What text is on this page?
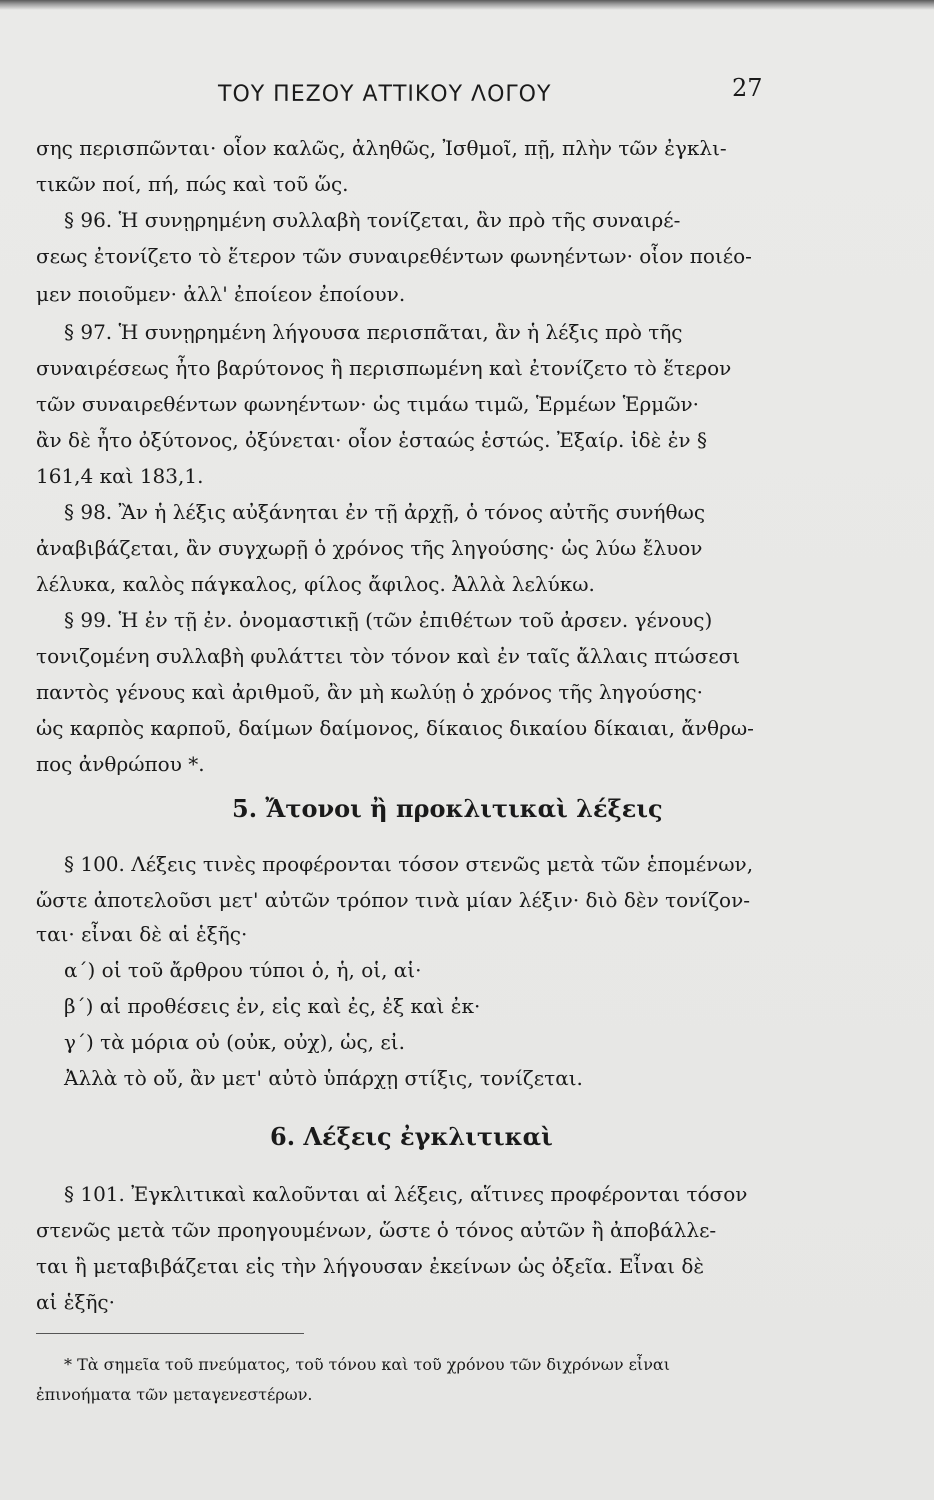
ΤΟΥ ΠΕΖΟΥ ΑΤΤΙΚΟΥ ΛΟΓΟΥ	27
σης περισπῶνται· οἷον καλῶς, ἀληθῶς, Ἰσθμοῖ, πῇ, πλὴν τῶν ἐγκλι-
τικῶν ποί, πή, πώς καὶ τοῦ ὥς.
§ 96. Ἡ συνῃρημένη συλλαβὴ τονίζεται, ἂν πρὸ τῆς συναιρέ-
σεως ἐτονίζετο τὸ ἕτερον τῶν συναιρεθέντων φωνηέντων· οἷον ποιέο-
μεν ποιοῦμεν· ἀλλ' ἐποίεον ἐποίουν.
§ 97. Ἡ συνῃρημένη λήγουσα περισπᾶται, ἂν ἡ λέξις πρὸ τῆς
συναιρέσεως ἦτο βαρύτονος ἢ περισπωμένη καὶ ἐτονίζετο τὸ ἕτερον
τῶν συναιρεθέντων φωνηέντων· ὡς τιμάω τιμῶ, Ἑρμέων Ἑρμῶν·
ἂν δὲ ἦτο ὀξύτονος, ὀξύνεται· οἷον ἑσταώς ἑστώς. Ἐξαίρ. ἰδὲ ἐν §
161,4 καὶ 183,1.
§ 98. Ἂν ἡ λέξις αὐξάνηται ἐν τῇ ἀρχῇ, ὁ τόνος αὐτῆς συνήθως
ἀναβιβάζεται, ἂν συγχωρῇ ὁ χρόνος τῆς ληγούσης· ὡς λύω ἔλυον
λέλυκα, καλὸς πάγκαλος, φίλος ἄφιλος. Ἀλλὰ λελύκω.
§ 99. Ἡ ἐν τῇ ἐν. ὀνομαστικῇ (τῶν ἐπιθέτων τοῦ ἀρσεν. γένους)
τονιζομένη συλλαβὴ φυλάττει τὸν τόνον καὶ ἐν ταῖς ἄλλαις πτώσεσι
παντὸς γένους καὶ ἀριθμοῦ, ἂν μὴ κωλύῃ ὁ χρόνος τῆς ληγούσης·
ὡς καρπὸς καρποῦ, δαίμων δαίμονος, δίκαιος δικαίου δίκαιαι, ἄνθρω-
πος ἀνθρώπου *.
5. Ἄτονοι ἢ προκλιτικαὶ λέξεις
§ 100. Λέξεις τινὲς προφέρονται τόσον στενῶς μετὰ τῶν ἑπομένων,
ὥστε ἀποτελοῦσι μετ' αὐτῶν τρόπον τινὰ μίαν λέξιν· διὸ δὲν τονίζον-
ται· εἶναι δὲ αἱ ἑξῆς·
α΄) οἱ τοῦ ἄρθρου τύποι ὁ, ἡ, οἱ, αἱ·
β΄) αἱ προθέσεις ἐν, εἰς καὶ ἐς, ἐξ καὶ ἐκ·
γ΄) τὰ μόρια οὐ (οὐκ, οὐχ), ὡς, εἰ.
Ἀλλὰ τὸ οὔ, ἂν μετ' αὐτὸ ὑπάρχῃ στίξις, τονίζεται.
6. Λέξεις ἐγκλιτικαὶ
§ 101. Ἐγκλιτικαὶ καλοῦνται αἱ λέξεις, αἵτινες προφέρονται τόσον
στενῶς μετὰ τῶν προηγουμένων, ὥστε ὁ τόνος αὐτῶν ἢ ἀποβάλλε-
ται ἢ μεταβιβάζεται εἰς τὴν λήγουσαν ἐκείνων ὡς ὀξεῖα. Εἶναι δὲ
αἱ ἑξῆς·
* Τὰ σημεῖα τοῦ πνεύματος, τοῦ τόνου καὶ τοῦ χρόνου τῶν διχρόνων εἶναι
ἐπινοήματα τῶν μεταγενεστέρων.
